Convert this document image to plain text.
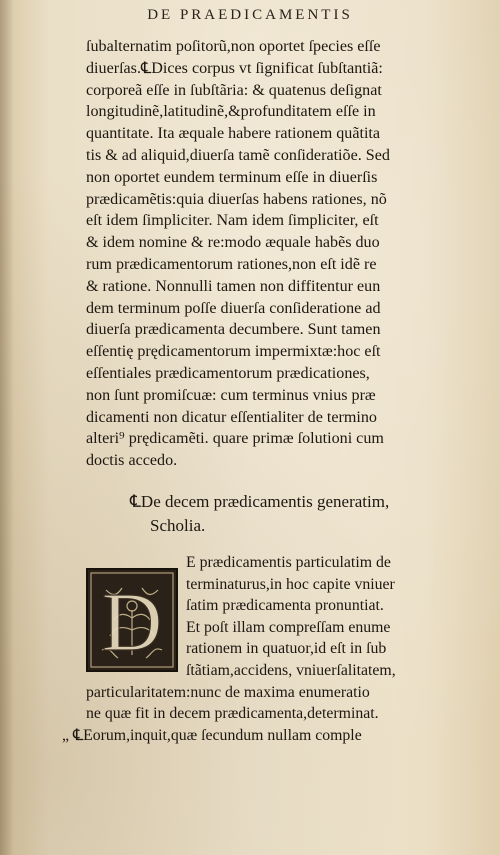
DE PRAEDICAMENTIS
ſubalternatim poſitorũ,non oportet ſpecies eſſe
diuerſas.℄Dices corpus vt ſignificat ſubſtantiã:
corporeã eſſe in ſubſtãria: & quatenus deſignat
longitudinẽ,latitudinẽ,&profunditatem eſſe in
quantitate. Ita æquale habere rationem quãtita
tis & ad aliquid,diuerſa tamẽ conſideratiõe. Sed
non oportet eundem terminum eſſe in diuerſis
prædicamẽtis:quia diuerſas habens rationes, nõ
eſt idem ſimpliciter. Nam idem ſimpliciter, eſt
& idem nomine & re:modo æquale habẽs duo
rum prædicamentorum rationes,non eſt idẽ re
& ratione. Nonnulli tamen non diffitentur eun
dem terminum poſſe diuerſa conſideratione ad
diuerſa prædicamenta decumbere. Sunt tamen
eſſentię prędicamentorum impermixtæ:hoc eſt
eſſentiales prædicamentorum prædicationes,
non ſunt promiſcuæ: cum terminus vnius præ
dicamenti non dicatur eſſentialiter de termino
alteri⁹ prędicamẽti. quare primæ ſolutioni cum
doctis accedo.
℄De decem prædicamentis generatim,
Scholia.
D
E prædicamentis particulatim de
terminaturus,in hoc capite vniuer
ſatim prædicamenta pronuntiat.
Et poſt illam compreſſam enume
rationem in quatuor,id eſt in ſub
ſtãtiam,accidens, vniuerſalitatem,
particularitatem:nunc de maxima enumeratio
ne quæ fit in decem prædicamenta,determinat.
„ ℄Eorum,inquit,quæ ſecundum nullam comple
